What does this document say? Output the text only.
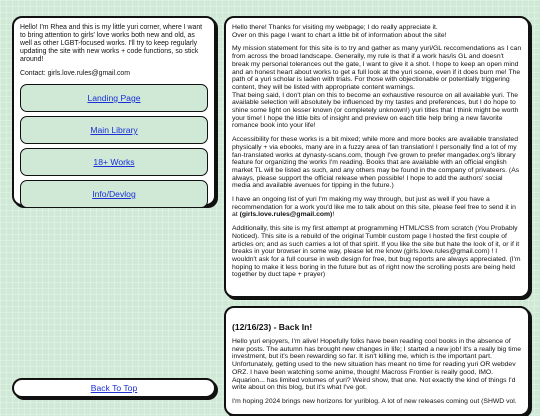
Hello! I'm Rhea and this is my little yuri corner, where I want to bring attention to girls' love works both new and old, as well as other LGBT-focused works. I'll try to keep regularly updating the site with new works + code functions, so stick around!

Contact: girls.love.rules@gmail.com

Landing Page
Main Library
18+ Works
Info/Devlog
Back To Top

Hello there! Thanks for visiting my webpage; I do really appreciate it.
Over on this page I want to chart a little bit of information about the site!

My mission statement for this site is to try and gather as many yuri/GL reccomendations as I can from across the broad landscape. Generally, my rule is that if a work has/is GL and doesn't break my personal tolerances out the gate, I want to give it a shot. I hope to keep an open mind and an honest heart about works to get a full look at the yuri scene, even if it does burn me! The path of a yuri scholar is laden with trials. For those with objectionable or potentially triggering content, they will be listed with appropriate content warnings.
That being said, I don't plan on this to become an exhaustive resource on all available yuri. The available selection will absolutely be influenced by my tastes and preferences, but I do hope to shine some light on lesser known (or completely unknown!) yuri titles that I think might be worth your time! I hope the little bits of insight and preview on each title help bring a new favorite romance book into your life!

Accessibility for these works is a bit mixed; while more and more books are available translated physically + via ebooks, many are in a fuzzy area of fan translation! I personally find a lot of my fan-translated works at dynasty-scans.com, though I've grown to prefer mangadex.org's library feature for organizing the works I'm reading. Books that are available with an official english market TL will be listed as such, and any others may be found in the company of privateers. (As always, please support the official release when possible! I hope to add the authors' social media and available avenues for tipping in the future.)

I have an ongoing list of yuri I'm making my way through, but just as well if you have a recommendation for a work you'd like me to talk about on this site, please feel free to send it in at (girls.love.rules@gmail.com)!

Additionally, this site is my first attempt at programming HTML/CSS from scratch (You Probably Noticed). This site is a rebuild of the original Tumblr custom page I hosted the first couple of articles on; and as such carries a lot of that spirit. If you like the site but hate the look of it, or if it breaks in your browser in some way, please let me know (girls.love.rules@gmail.com) ! I wouldn't ask for a full course in web design for free, but bug reports are always appreciated. (I'm hoping to make it less boring in the future but as of right now the scrolling posts are being held together by duct tape + prayer)

(12/16/23) - Back In!

Hello yuri enjoyers, I'm alive! Hopefully folks have been reading cool books in the absence of new posts. The autumn has brought new changes in life; I started a new job! It's a really big time investment, but it's been rewarding so far. It isn't killing me, which is the important part. Unfortunately, getting used to the new situation has meant no time for reading yuri OR webdev ORZ. I have been watching some anime, though! Macross Frontier is really good, IMO. Aquarion... has limited volumes of yuri? Weird show, that one. Not exactly the kind of things I'd write about on this blog, but it's what I've got.

I'm hoping 2024 brings new horizons for yuriblog. A lot of new releases coming out (SHWD vol.
